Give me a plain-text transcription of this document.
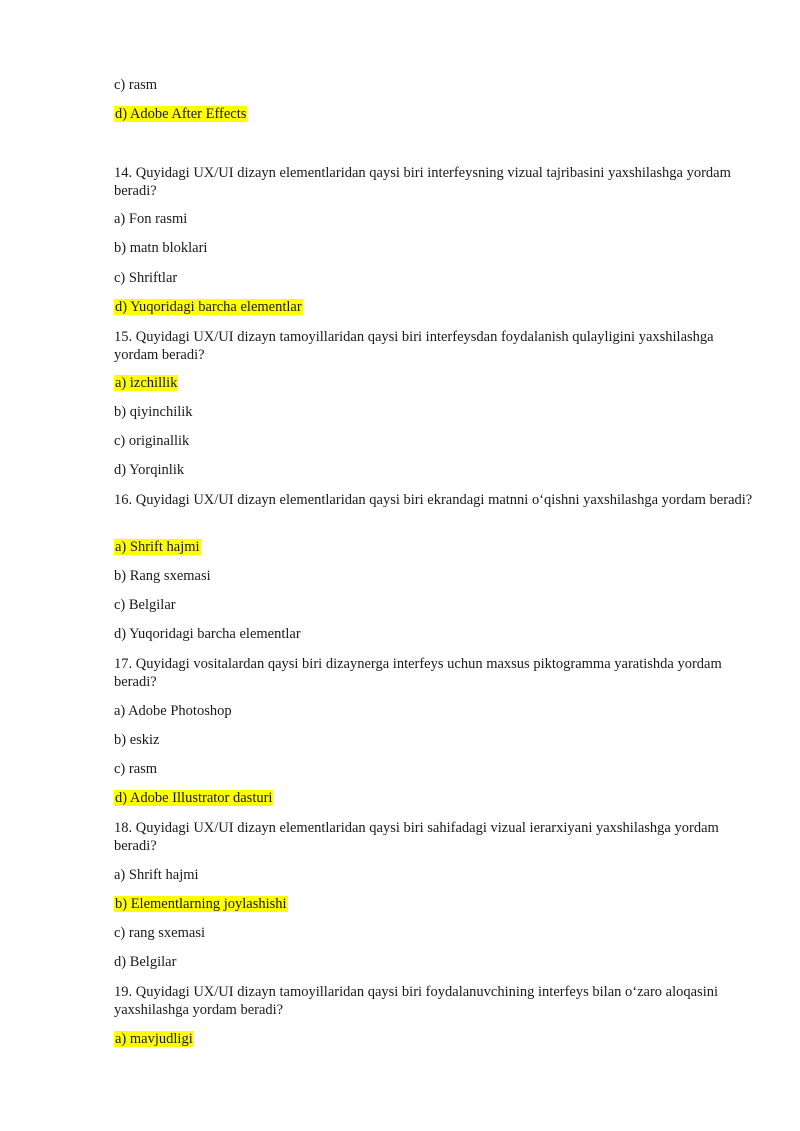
c) rasm
d) Adobe After Effects
14. Quyidagi UX/UI dizayn elementlaridan qaysi biri interfeysning vizual tajribasini yaxshilashga yordam beradi?
a) Fon rasmi
b) matn bloklari
c) Shriftlar
d) Yuqoridagi barcha elementlar
15. Quyidagi UX/UI dizayn tamoyillaridan qaysi biri interfeysdan foydalanish qulayligini yaxshilashga yordam beradi?
a) izchillik
b) qiyinchilik
c) originallik
d) Yorqinlik
16. Quyidagi UX/UI dizayn elementlaridan qaysi biri ekrandagi matnni o‘qishni yaxshilashga yordam beradi?
a) Shrift hajmi
b) Rang sxemasi
c) Belgilar
d) Yuqoridagi barcha elementlar
17. Quyidagi vositalardan qaysi biri dizaynerga interfeys uchun maxsus piktogramma yaratishda yordam beradi?
a) Adobe Photoshop
b) eskiz
c) rasm
d) Adobe Illustrator dasturi
18. Quyidagi UX/UI dizayn elementlaridan qaysi biri sahifadagi vizual ierarxiyani yaxshilashga yordam beradi?
a) Shrift hajmi
b) Elementlarning joylashishi
c) rang sxemasi
d) Belgilar
19. Quyidagi UX/UI dizayn tamoyillaridan qaysi biri foydalanuvchining interfeys bilan o‘zaro aloqasini yaxshilashga yordam beradi?
a) mavjudligi
